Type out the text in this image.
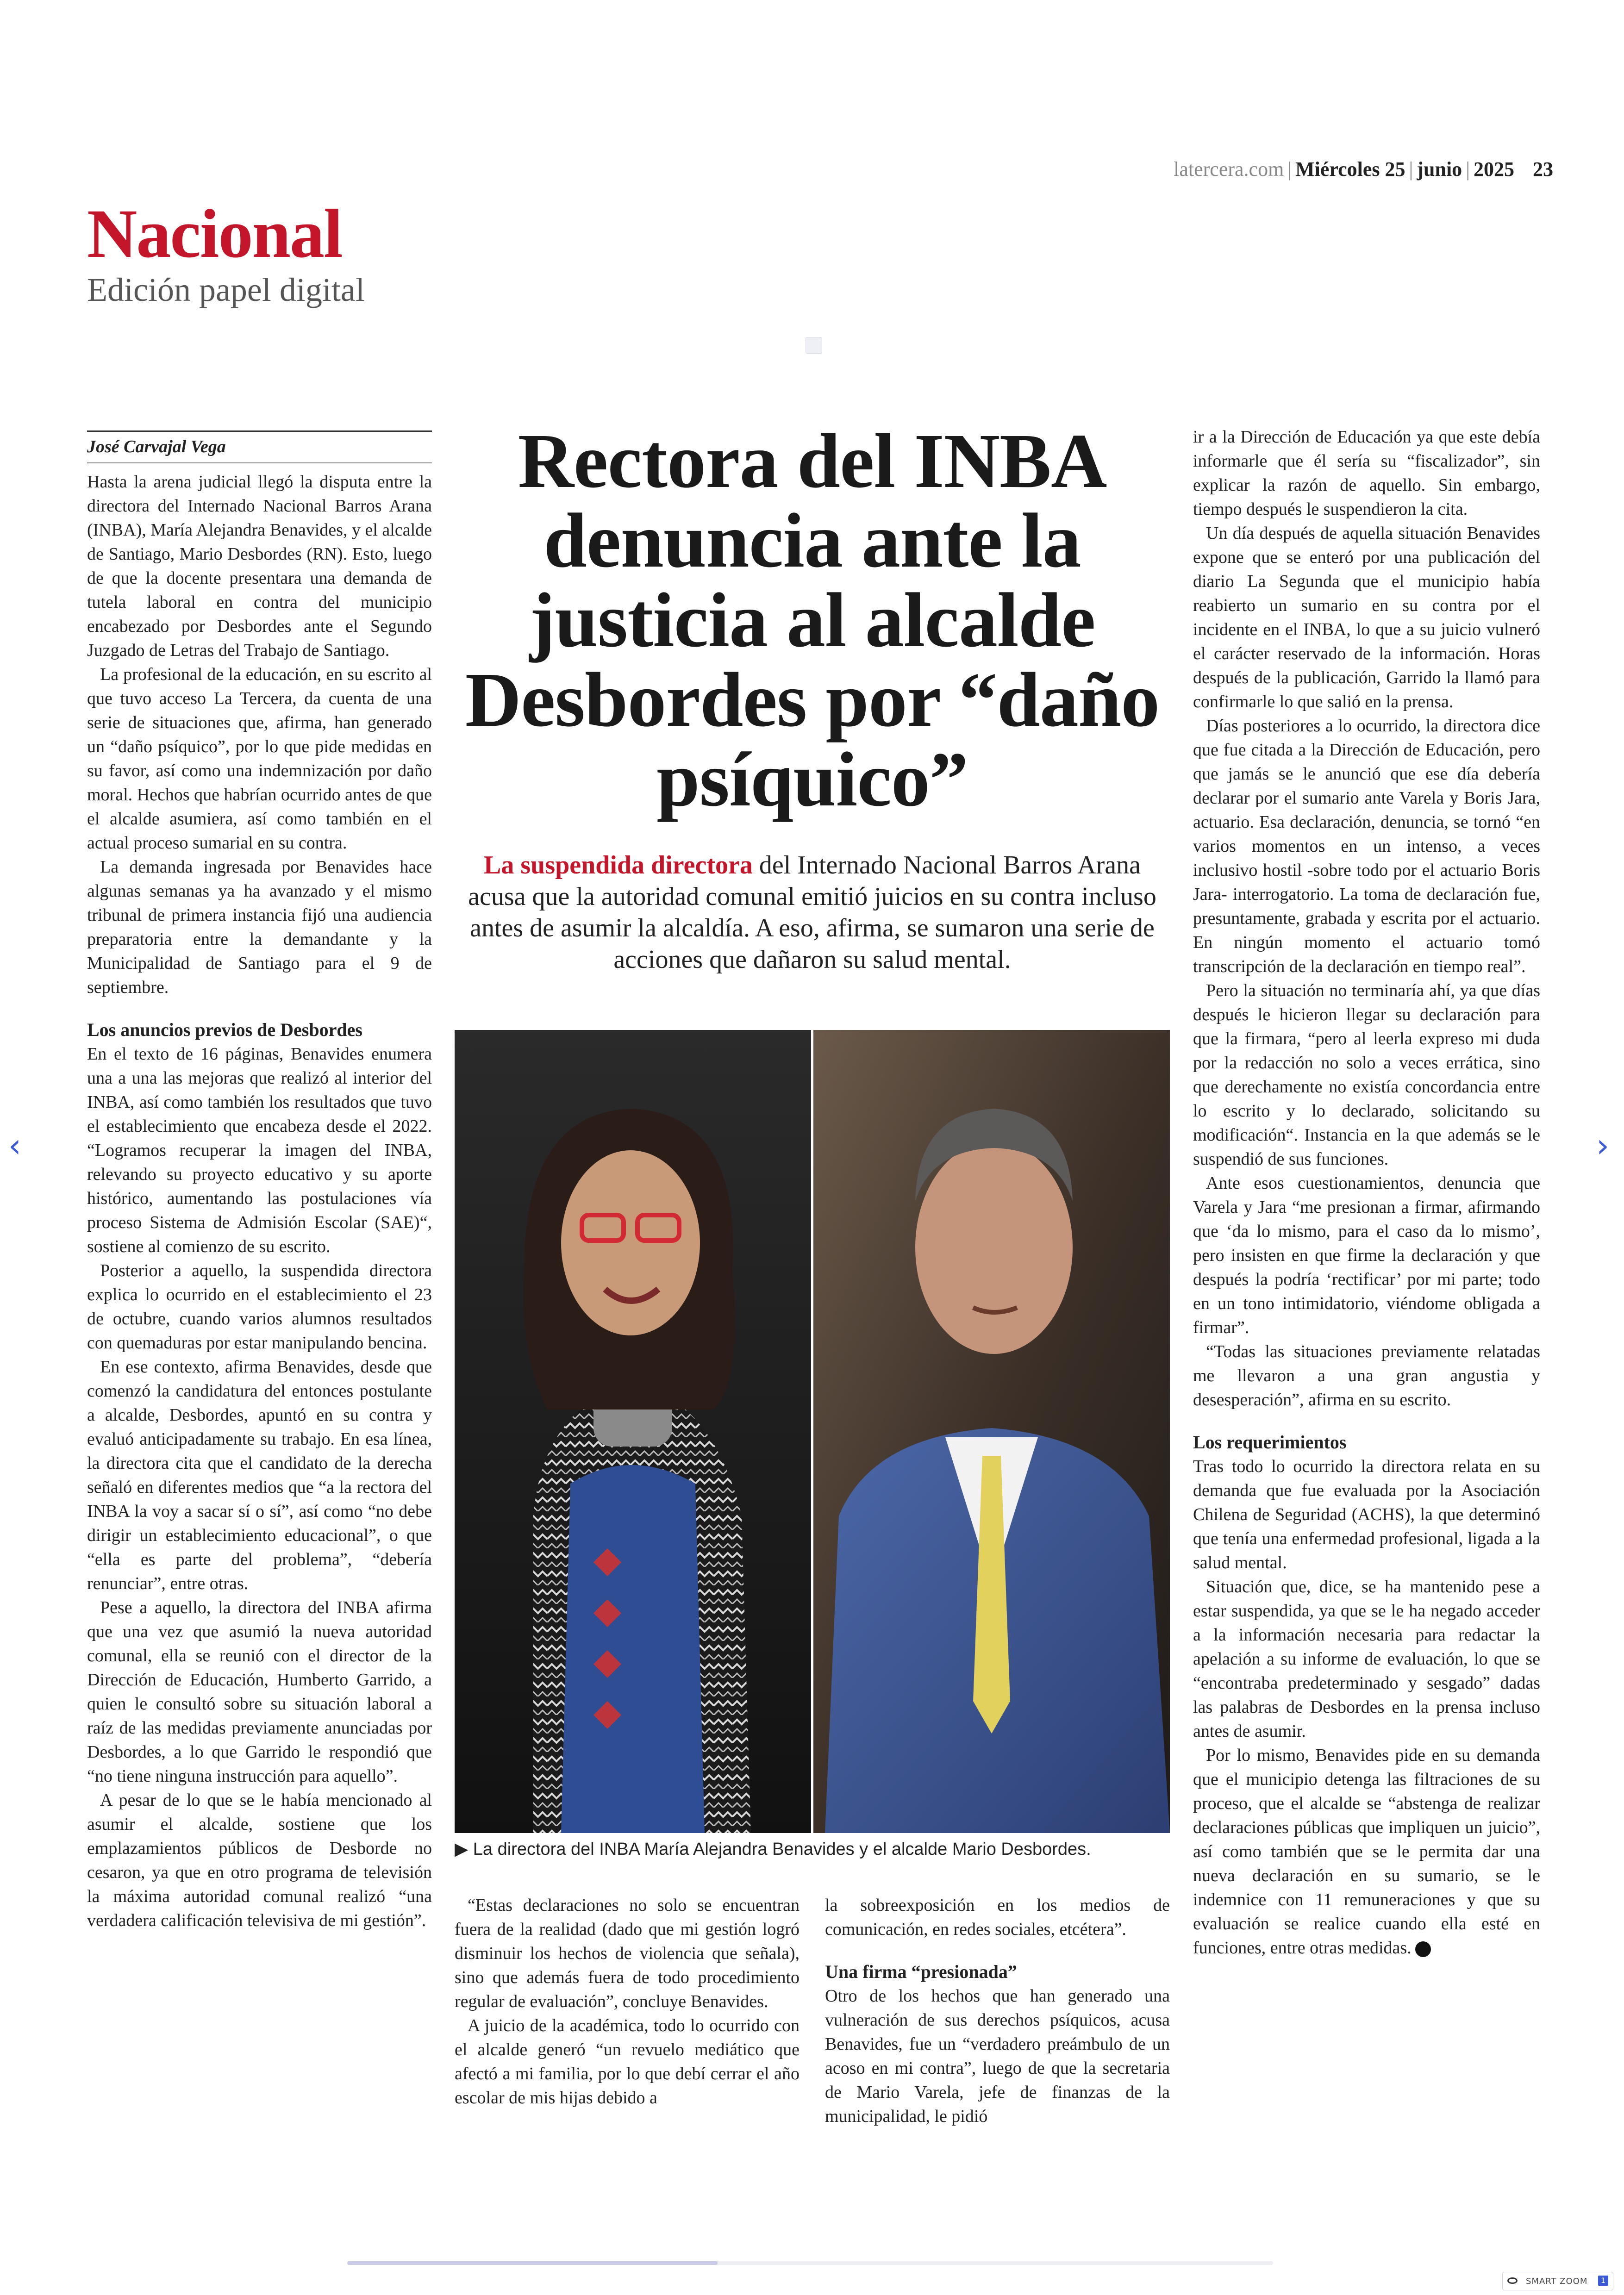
latercera.com | Miércoles 25 | junio | 2025 23
Nacional
Edición papel digital
José Carvajal Vega

Hasta la arena judicial llegó la disputa entre la directora del Internado Nacional Barros Arana (INBA), María Alejandra Benavides, y el alcalde de Santiago, Mario Desbordes (RN). Esto, luego de que la docente presentara una demanda de tutela laboral en contra del municipio encabezado por Desbordes ante el Segundo Juzgado de Letras del Trabajo de Santiago.

La profesional de la educación, en su escrito al que tuvo acceso La Tercera, da cuenta de una serie de situaciones que, afirma, han generado un “daño psíquico”, por lo que pide medidas en su favor, así como una indemnización por daño moral. Hechos que habrían ocurrido antes de que el alcalde asumiera, así como también en el actual proceso sumarial en su contra.

La demanda ingresada por Benavides hace algunas semanas ya ha avanzado y el mismo tribunal de primera instancia fijó una audiencia preparatoria entre la demandante y la Municipalidad de Santiago para el 9 de septiembre.

Los anuncios previos de Desbordes

En el texto de 16 páginas, Benavides enumera una a una las mejoras que realizó al interior del INBA, así como también los resultados que tuvo el establecimiento que encabeza desde el 2022. “Logramos recuperar la imagen del INBA, relevando su proyecto educativo y su aporte histórico, aumentando las postulaciones vía proceso Sistema de Admisión Escolar (SAE)“, sostiene al comienzo de su escrito.

Posterior a aquello, la suspendida directora explica lo ocurrido en el establecimiento el 23 de octubre, cuando varios alumnos resultados con quemaduras por estar manipulando bencina.

En ese contexto, afirma Benavides, desde que comenzó la candidatura del entonces postulante a alcalde, Desbordes, apuntó en su contra y evaluó anticipadamente su trabajo. En esa línea, la directora cita que el candidato de la derecha señaló en diferentes medios que “a la rectora del INBA la voy a sacar sí o sí”, así como “no debe dirigir un establecimiento educacional”, o que “ella es parte del problema”, “debería renunciar”, entre otras.

Pese a aquello, la directora del INBA afirma que una vez que asumió la nueva autoridad comunal, ella se reunió con el director de la Dirección de Educación, Humberto Garrido, a quien le consultó sobre su situación laboral a raíz de las medidas previamente anunciadas por Desbordes, a lo que Garrido le respondió que “no tiene ninguna instrucción para aquello”.

A pesar de lo que se le había mencionado al asumir el alcalde, sostiene que los emplazamientos públicos de Desborde no cesaron, ya que en otro programa de televisión la máxima autoridad comunal realizó “una verdadera calificación televisiva de mi gestión”.

Rectora del INBA denuncia ante la justicia al alcalde Desbordes por “daño psíquico”
La suspendida directora del Internado Nacional Barros Arana acusa que la autoridad comunal emitió juicios en su contra incluso antes de asumir la alcaldía. A eso, afirma, se sumaron una serie de acciones que dañaron su salud mental.
▶ La directora del INBA María Alejandra Benavides y el alcalde Mario Desbordes.

“Estas declaraciones no solo se encuentran fuera de la realidad (dado que mi gestión logró disminuir los hechos de violencia que señala), sino que además fuera de todo procedimiento regular de evaluación”, concluye Benavides.

A juicio de la académica, todo lo ocurrido con el alcalde generó “un revuelo mediático que afectó a mi familia, por lo que debí cerrar el año escolar de mis hijas debido a

la sobreexposición en los medios de comunicación, en redes sociales, etcétera”.

Una firma “presionada”

Otro de los hechos que han generado una vulneración de sus derechos psíquicos, acusa Benavides, fue un “verdadero preámbulo de un acoso en mi contra”, luego de que la secretaria de Mario Varela, jefe de finanzas de la municipalidad, le pidió

ir a la Dirección de Educación ya que este debía informarle que él sería su “fiscalizador”, sin explicar la razón de aquello. Sin embargo, tiempo después le suspendieron la cita.

Un día después de aquella situación Benavides expone que se enteró por una publicación del diario La Segunda que el municipio había reabierto un sumario en su contra por el incidente en el INBA, lo que a su juicio vulneró el carácter reservado de la información. Horas después de la publicación, Garrido la llamó para confirmarle lo que salió en la prensa.

Días posteriores a lo ocurrido, la directora dice que fue citada a la Dirección de Educación, pero que jamás se le anunció que ese día debería declarar por el sumario ante Varela y Boris Jara, actuario. Esa declaración, denuncia, se tornó “en varios momentos en un intenso, a veces inclusivo hostil -sobre todo por el actuario Boris Jara- interrogatorio. La toma de declaración fue, presuntamente, grabada y escrita por el actuario. En ningún momento el actuario tomó transcripción de la declaración en tiempo real”.

Pero la situación no terminaría ahí, ya que días después le hicieron llegar su declaración para que la firmara, “pero al leerla expreso mi duda por la redacción no solo a veces errática, sino que derechamente no existía concordancia entre lo escrito y lo declarado, solicitando su modificación“. Instancia en la que además se le suspendió de sus funciones.

Ante esos cuestionamientos, denuncia que Varela y Jara “me presionan a firmar, afirmando que ‘da lo mismo, para el caso da lo mismo’, pero insisten en que firme la declaración y que después la podría ‘rectificar’ por mi parte; todo en un tono intimidatorio, viéndome obligada a firmar”.

“Todas las situaciones previamente relatadas me llevaron a una gran angustia y desesperación”, afirma en su escrito.

Los requerimientos

Tras todo lo ocurrido la directora relata en su demanda que fue evaluada por la Asociación Chilena de Seguridad (ACHS), la que determinó que tenía una enfermedad profesional, ligada a la salud mental.

Situación que, dice, se ha mantenido pese a estar suspendida, ya que se le ha negado acceder a la información necesaria para redactar la apelación a su informe de evaluación, lo que se “encontraba predeterminado y sesgado” dadas las palabras de Desbordes en la prensa incluso antes de asumir.

Por lo mismo, Benavides pide en su demanda que el municipio detenga las filtraciones de su proceso, que el alcalde se “abstenga de realizar declaraciones públicas que impliquen un juicio”, así como también que se le permita dar una nueva declaración en su sumario, se le indemnice con 11 remuneraciones y que su evaluación se realice cuando ella esté en funciones, entre otras medidas.

‹	›
SMART ZOOM	1
